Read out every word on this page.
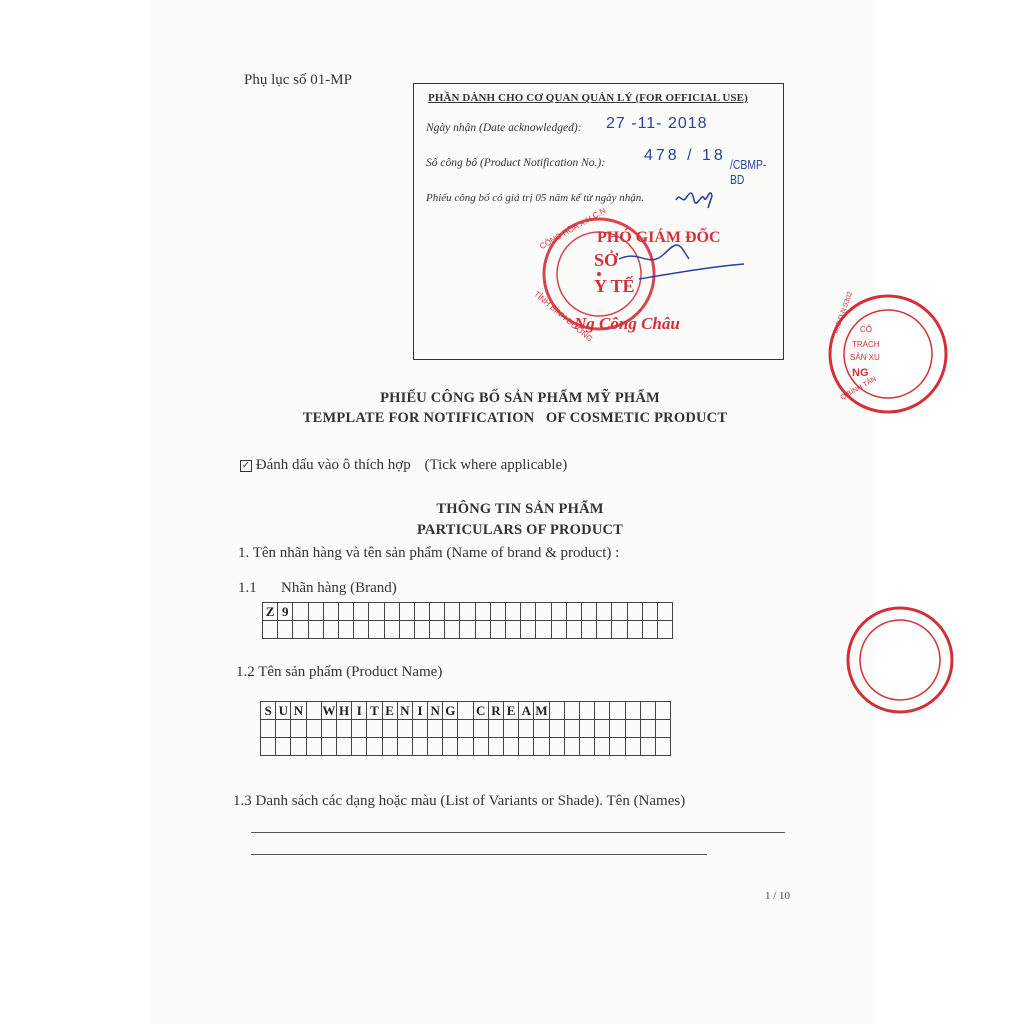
Phụ lục số 01-MP
PHẦN DÀNH CHO CƠ QUAN QUẢN LÝ (FOR OFFICIAL USE)
Ngày nhận (Date acknowledged): 27 -11- 2018
Số công bố (Product Notification No.): 478 / 18
/CBMP-BD
Phiếu công bố có giá trị 05 năm kể từ ngày nhận.
CỘNG HÒA X.H.C.N
TỈNH BÌNH DƯƠNG
PHÓ GIÁM ĐỐC
SỞ
Y TẾ
Ng Công Châu	M.S.D.N:0302 CÔ
TRÁCH
SẢN XU
NG
Q.BÌNH TÂN
PHIẾU CÔNG BỐ SẢN PHẨM MỸ PHẨM
TEMPLATE FOR NOTIFICATION   OF COSMETIC PRODUCT
✓ Đánh dấu vào ô thích hợp (Tick where applicable)
THÔNG TIN SẢN PHẨM
PARTICULARS OF PRODUCT
1. Tên nhãn hàng và tên sản phẩm (Name of brand & product) :
1.1 Nhãn hàng (Brand)
Z	9																									

1.2 Tên sản phẩm (Product Name)
S	U	N		W	H	I	T	E	N	I	N	G		C	R	E	A	M								

1.3 Danh sách các dạng hoặc màu (List of Variants or Shade). Tên (Names)
1 / 10
